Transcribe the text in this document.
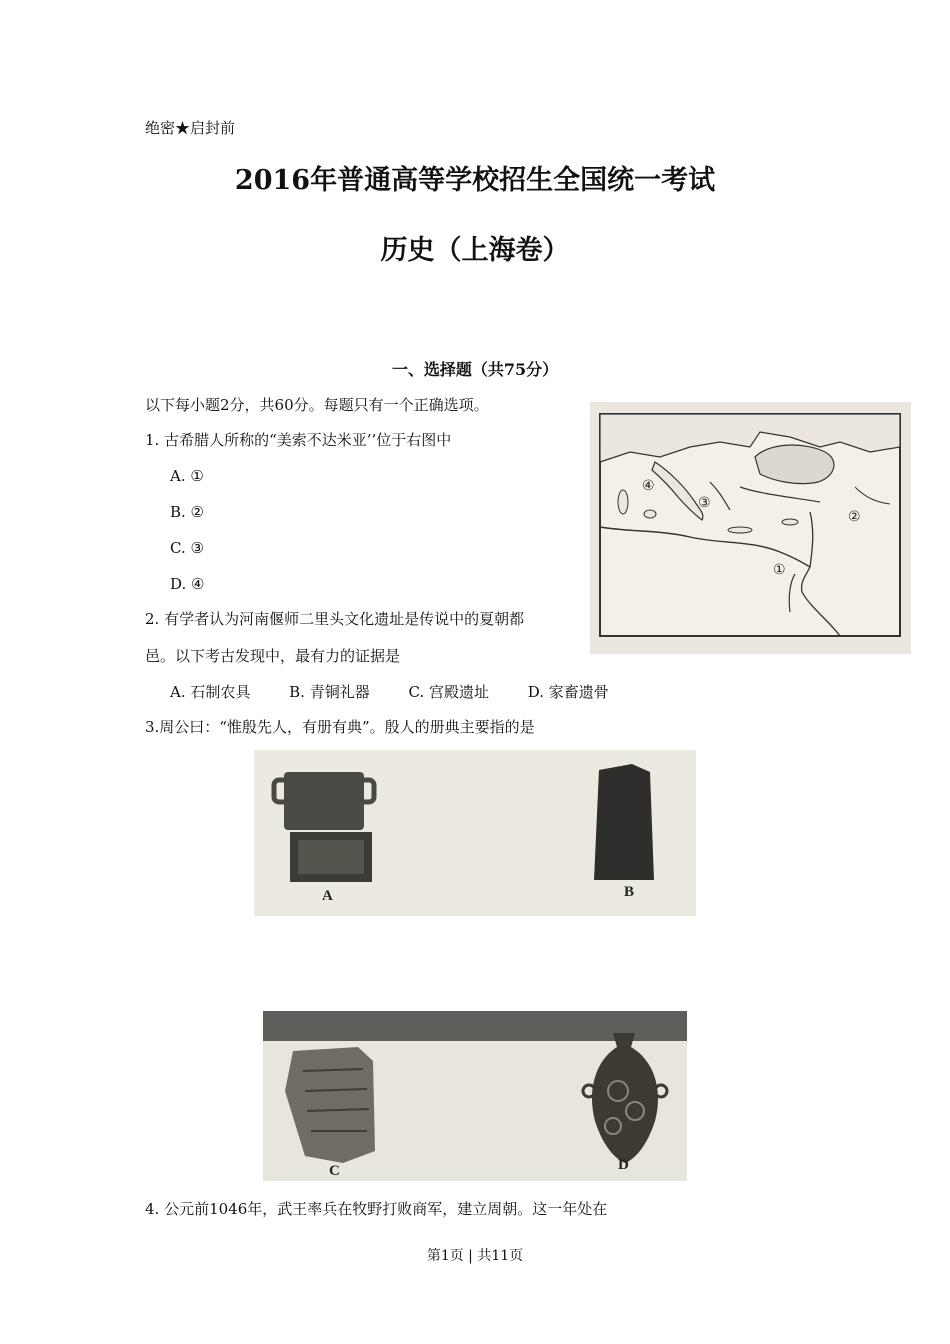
绝密★启封前
2016年普通高等学校招生全国统一考试
历史（上海卷）
一、选择题（共75分）
以下每小题2分，共60分。每题只有一个正确选项。
1. 古希腊人所称的“美索不达米亚’’位于右图中
A. ①
B. ②
C. ③
D. ④
①
②
③
④
2. 有学者认为河南偃师二里头文化遗址是传说中的夏朝都
邑。以下考古发现中，最有力的证据是
A. 石制农具	B. 青铜礼器	C. 宫殿遗址	D. 家畜遗骨
3.周公曰：“惟殷先人，有册有典”。殷人的册典主要指的是
A	B
C	D
4. 公元前1046年，武王率兵在牧野打败商军，建立周朝。这一年处在
第1页 | 共11页
